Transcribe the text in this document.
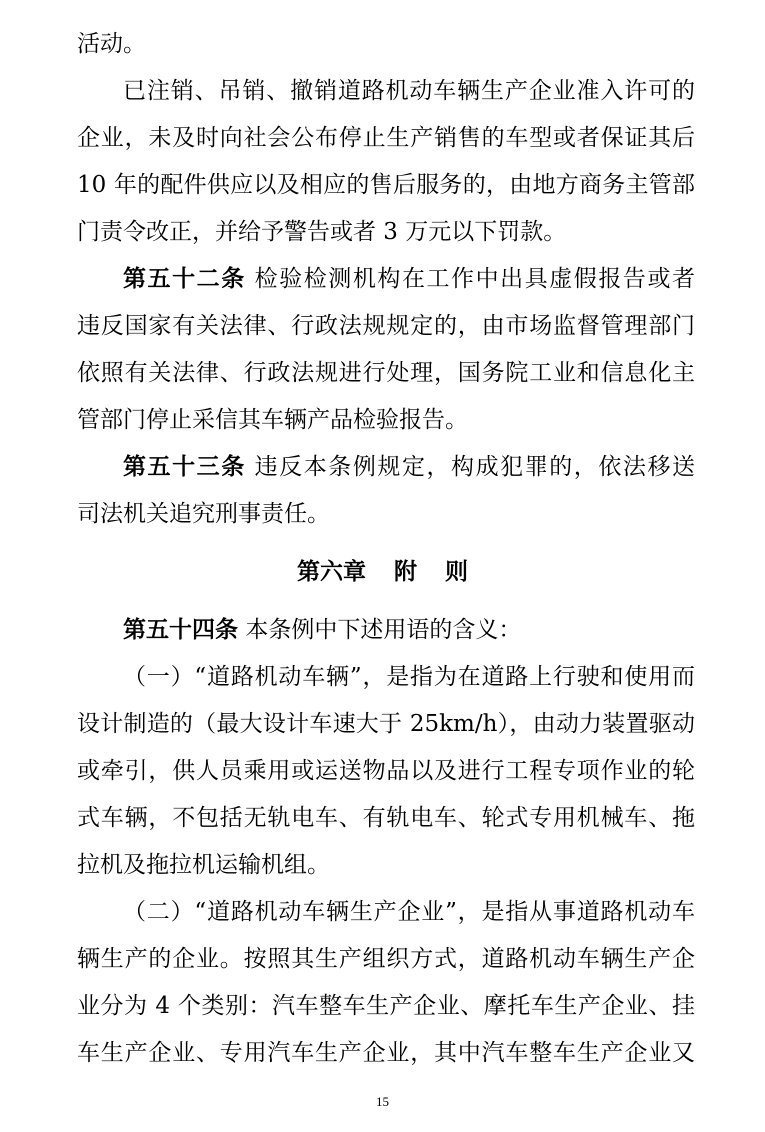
活动。
已注销、吊销、撤销道路机动车辆生产企业准入许可的
企业，未及时向社会公布停止生产销售的车型或者保证其后
10 年的配件供应以及相应的售后服务的，由地方商务主管部
门责令改正，并给予警告或者 3 万元以下罚款。
第五十二条 检验检测机构在工作中出具虚假报告或者
违反国家有关法律、行政法规规定的，由市场监督管理部门
依照有关法律、行政法规进行处理，国务院工业和信息化主
管部门停止采信其车辆产品检验报告。
第五十三条 违反本条例规定，构成犯罪的，依法移送
司法机关追究刑事责任。
第六章 附 则
第五十四条 本条例中下述用语的含义：
（一）“道路机动车辆”，是指为在道路上行驶和使用而
设计制造的（最大设计车速大于 25km/h），由动力装置驱动
或牵引，供人员乘用或运送物品以及进行工程专项作业的轮
式车辆，不包括无轨电车、有轨电车、轮式专用机械车、拖
拉机及拖拉机运输机组。
（二）“道路机动车辆生产企业”，是指从事道路机动车
辆生产的企业。按照其生产组织方式，道路机动车辆生产企
业分为 4 个类别：汽车整车生产企业、摩托车生产企业、挂
车生产企业、专用汽车生产企业，其中汽车整车生产企业又
15
